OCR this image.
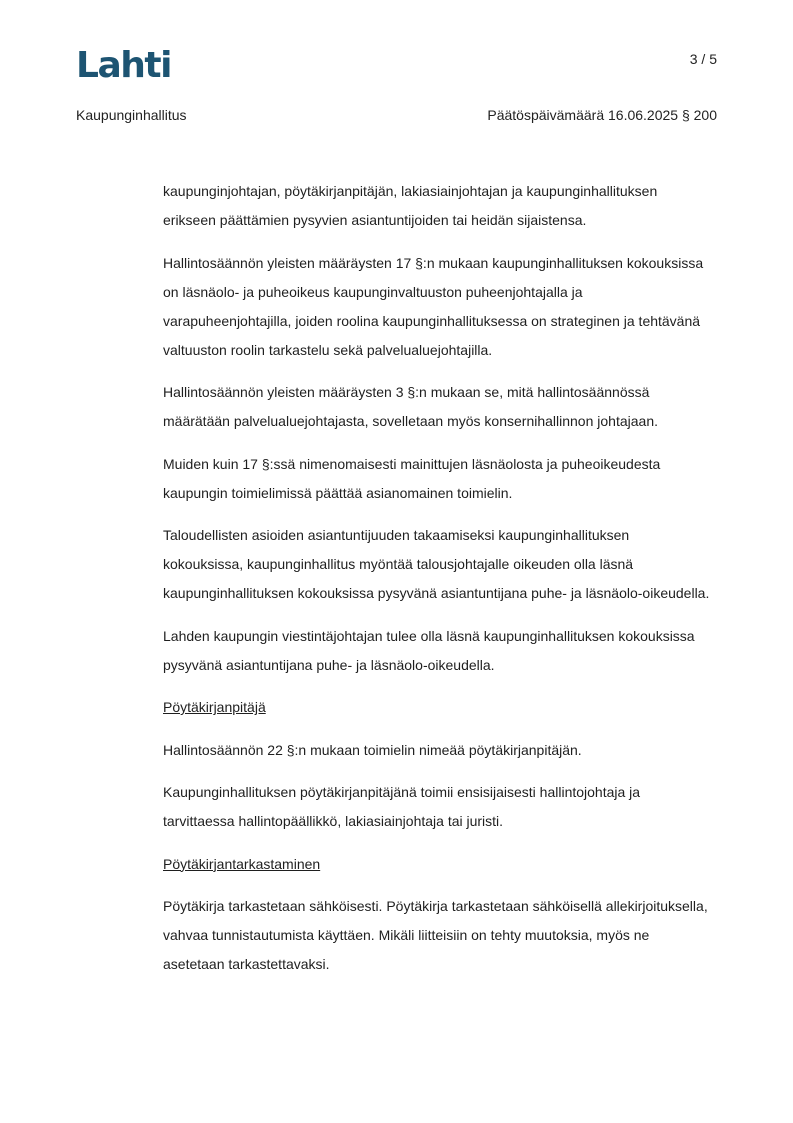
Lahti	3 / 5
Kaupunginhallitus	Päätöspäivämäärä 16.06.2025 § 200

kaupunginjohtajan, pöytäkirjanpitäjän, lakiasiainjohtajan ja kaupunginhallituksen erikseen päättämien pysyvien asiantuntijoiden tai heidän sijaistensa.

Hallintosäännön yleisten määräysten 17 §:n mukaan kaupunginhallituksen kokouksissa on läsnäolo- ja puheoikeus kaupunginvaltuuston puheenjohtajalla ja varapuheenjohtajilla, joiden roolina kaupunginhallituksessa on strateginen ja tehtävänä valtuuston roolin tarkastelu sekä palvelualuejohtajilla.

Hallintosäännön yleisten määräysten 3 §:n mukaan se, mitä hallintosäännössä määrätään palvelualuejohtajasta, sovelletaan myös konsernihallinnon johtajaan.

Muiden kuin 17 §:ssä nimenomaisesti mainittujen läsnäolosta ja puheoikeudesta kaupungin toimielimissä päättää asianomainen toimielin.

Taloudellisten asioiden asiantuntijuuden takaamiseksi kaupunginhallituksen kokouksissa, kaupunginhallitus myöntää talousjohtajalle oikeuden olla läsnä kaupunginhallituksen kokouksissa pysyvänä asiantuntijana puhe- ja läsnäolo-oikeudella.

Lahden kaupungin viestintäjohtajan tulee olla läsnä kaupunginhallituksen kokouksissa pysyvänä asiantuntijana puhe- ja läsnäolo-oikeudella.

Pöytäkirjanpitäjä

Hallintosäännön 22 §:n mukaan toimielin nimeää pöytäkirjanpitäjän.

Kaupunginhallituksen pöytäkirjanpitäjänä toimii ensisijaisesti hallintojohtaja ja tarvittaessa hallintopäällikkö, lakiasiainjohtaja tai juristi.

Pöytäkirjantarkastaminen

Pöytäkirja tarkastetaan sähköisesti. Pöytäkirja tarkastetaan sähköisellä allekirjoituksella, vahvaa tunnistautumista käyttäen. Mikäli liitteisiin on tehty muutoksia, myös ne asetetaan tarkastettavaksi.
